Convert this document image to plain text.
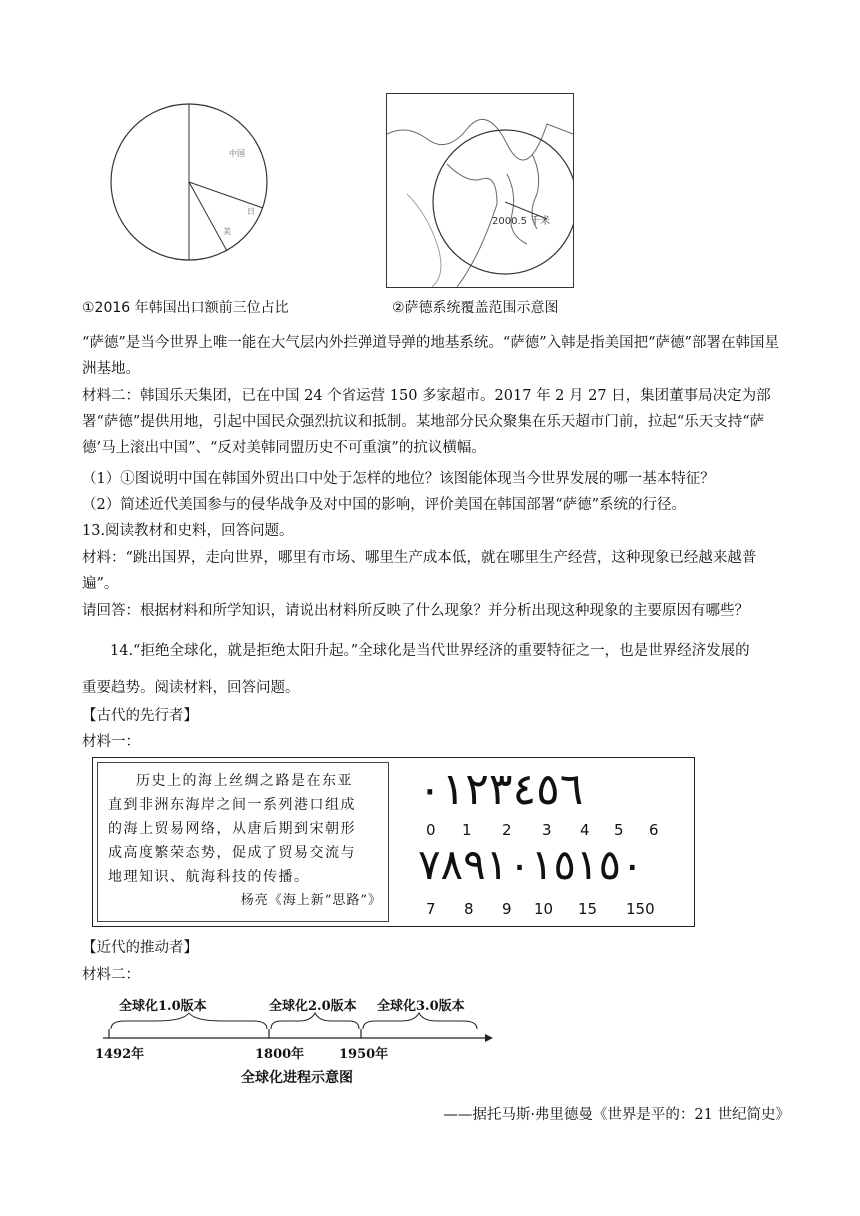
中国
美
日
①2016 年韩国出口额前三位占比
2000.5 千米
②萨德系统覆盖范围示意图
“萨德”是当今世界上唯一能在大气层内外拦弹道导弹的地基系统。“萨德”入韩是指美国把“萨德”部署在韩国星洲基地。
材料二：韩国乐天集团，已在中国 24 个省运营 150 多家超市。2017 年 2 月 27 日，集团董事局决定为部署“萨德”提供用地，引起中国民众强烈抗议和抵制。某地部分民众聚集在乐天超市门前，拉起“乐天支持“萨德’马上滚出中国”、“反对美韩同盟历史不可重演”的抗议横幅。
（1）①图说明中国在韩国外贸出口中处于怎样的地位？该图能体现当今世界发展的哪一基本特征？
（2）简述近代美国参与的侵华战争及对中国的影响，评价美国在韩国部署“萨德”系统的行径。
13.阅读教材和史料，回答问题。
材料：“跳出国界，走向世界，哪里有市场、哪里生产成本低，就在哪里生产经营，这种现象已经越来越普遍”。
请回答：根据材料和所学知识，请说出材料所反映了什么现象？并分析出现这种现象的主要原因有哪些？
14.“拒绝全球化，就是拒绝太阳升起。”全球化是当代世界经济的重要特征之一，也是世界经济发展的
重要趋势。阅读材料，回答问题。
【古代的先行者】
材料一：
历史上的海上丝绸之路是在东亚
直到非洲东海岸之间一系列港口组成
的海上贸易网络，从唐后期到宋朝形
成高度繁荣态势，促成了贸易交流与
地理知识、航海科技的传播。
杨亮《海上新“思路”》
٠١٢٣٤٥٦
0 1 2 3 4 5 6
٧٨٩١٠١٥١٥٠
7 8 9 10 15 150
【近代的推动者】
材料二：
全球化1.0版本	全球化2.0版本 全球化3.0版本
1492年	1800年	1950年
全球化进程示意图
——据托马斯·弗里德曼《世界是平的：21 世纪简史》
